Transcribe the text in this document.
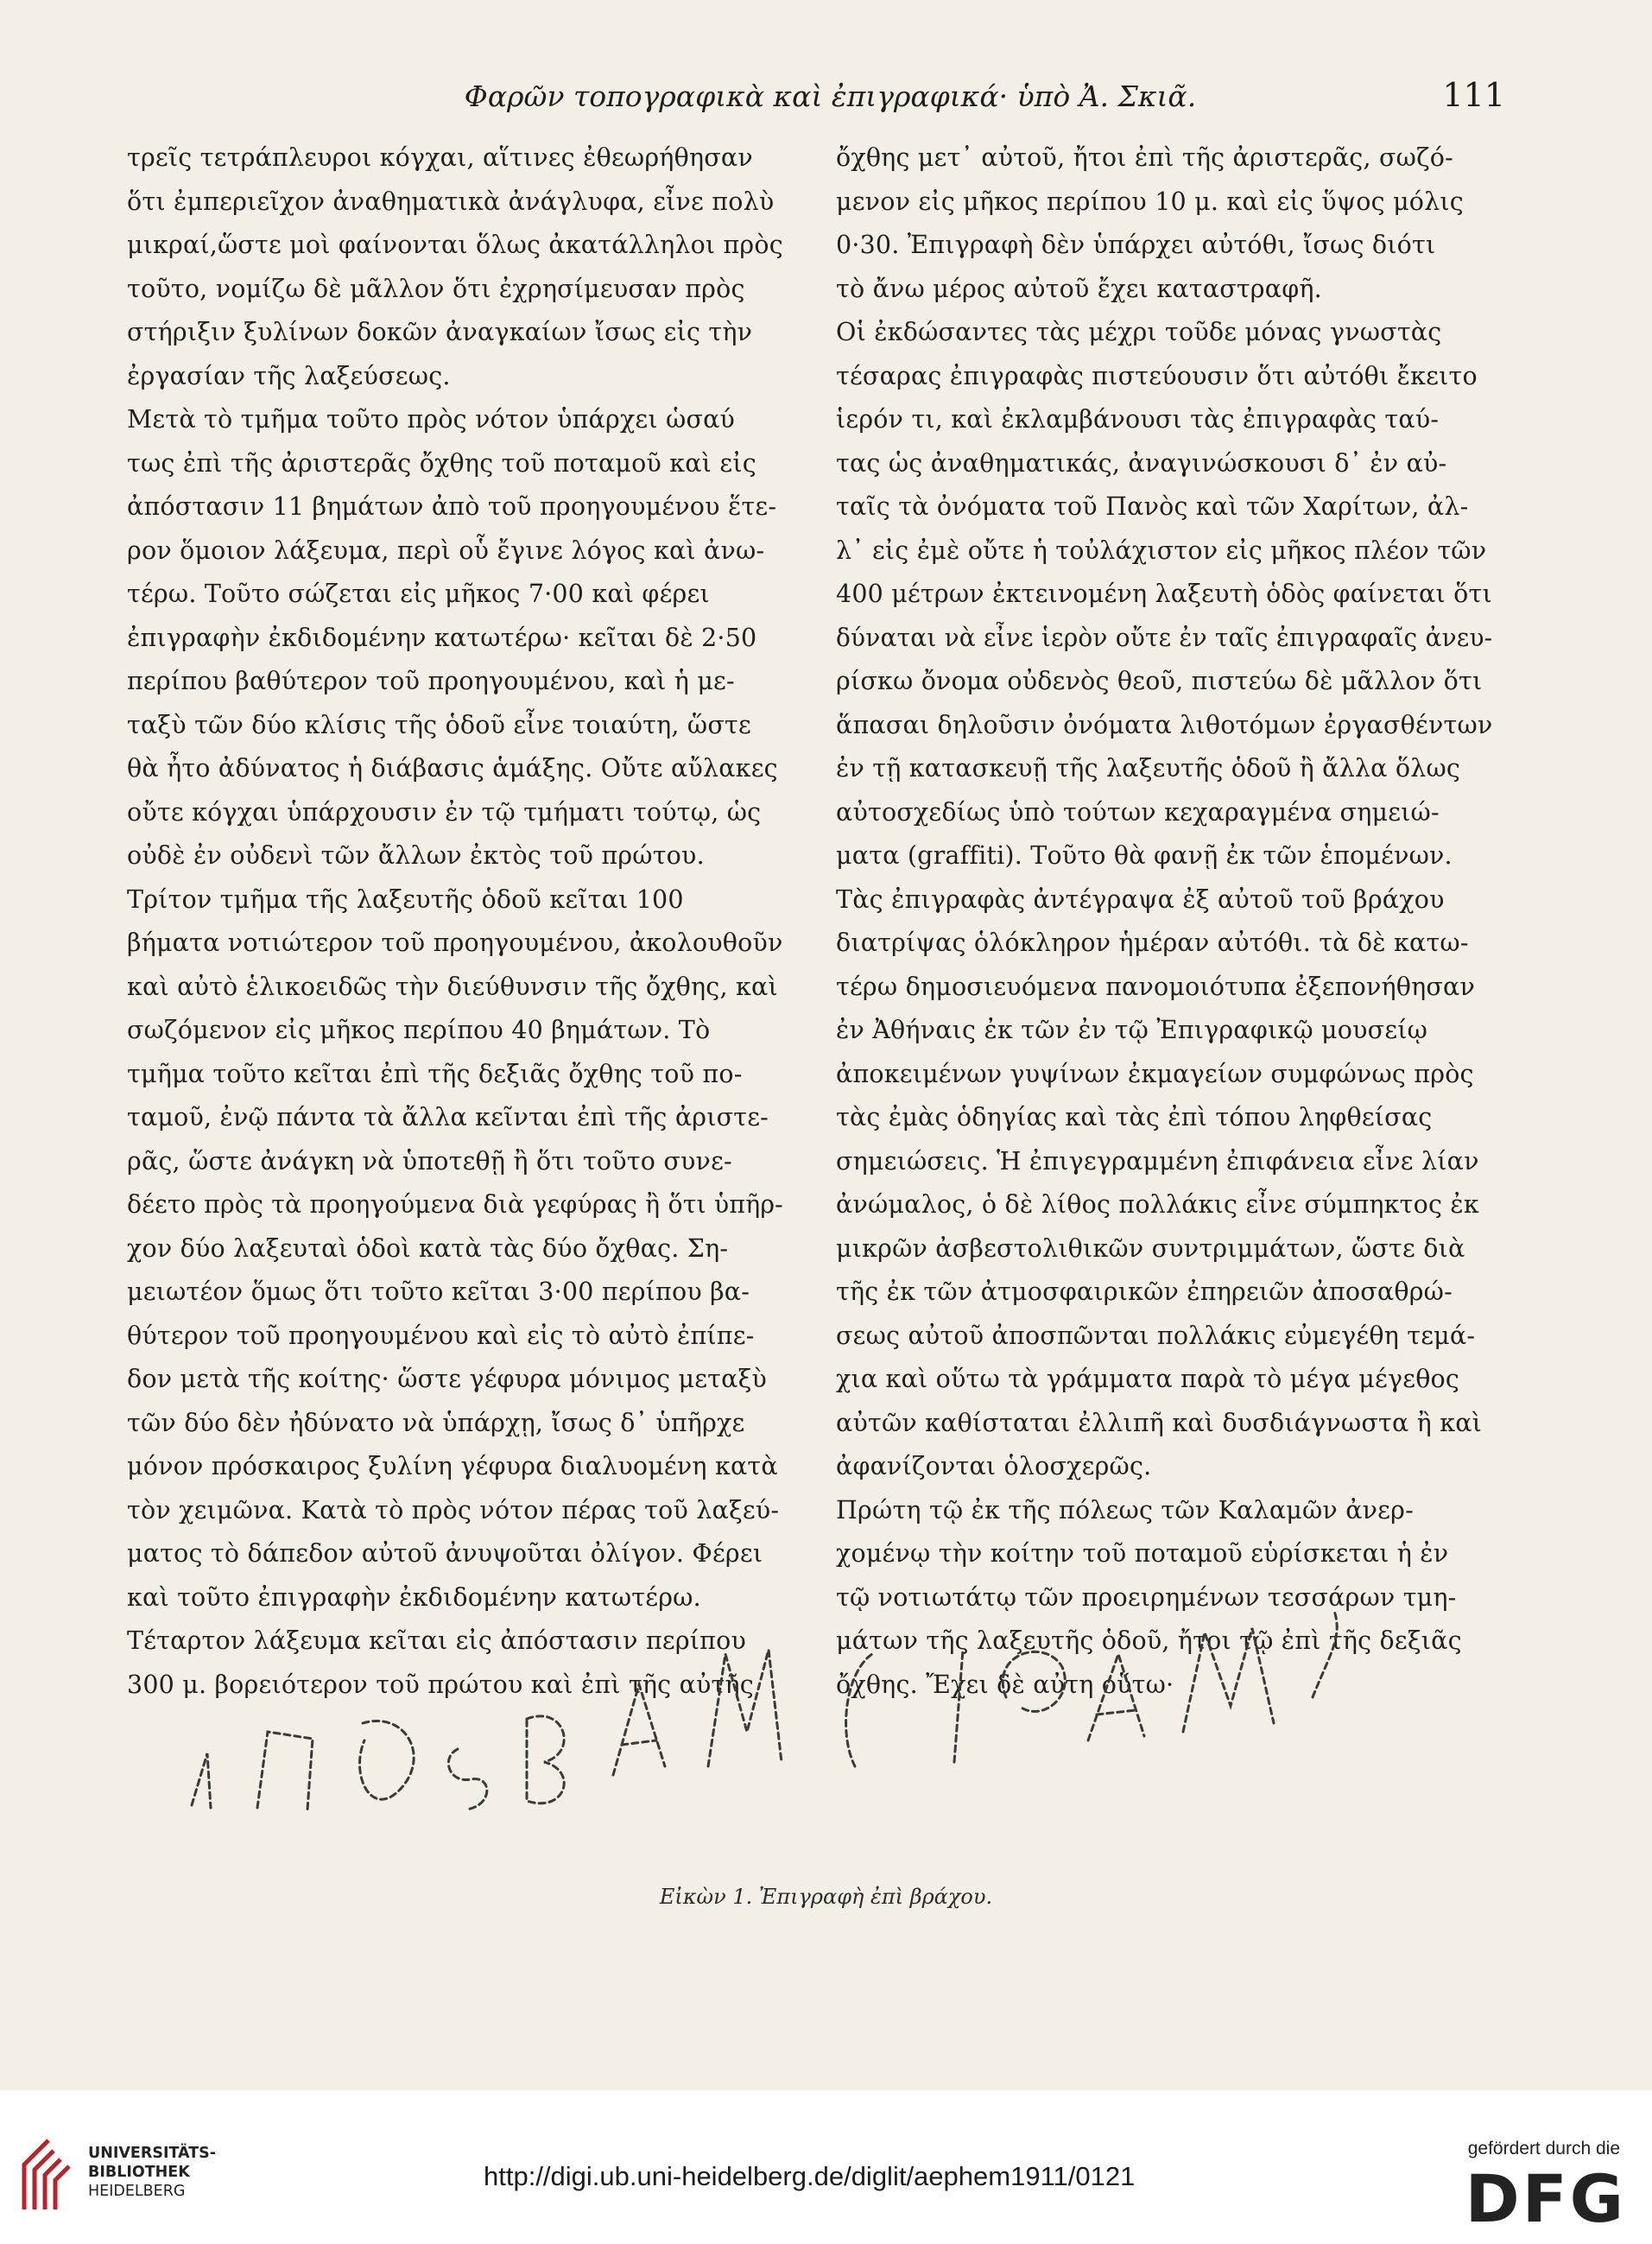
Φαρῶν τοπογραφικὰ καὶ ἐπιγραφικά· ὑπὸ Ἀ. Σκιᾶ.	111
τρεῖς τετράπλευροι κόγχαι, αἵτινες ἐθεωρήθησαν
ὅτι ἐμπεριεῖχον ἀναθηματικὰ ἀνάγλυφα, εἶνε πολὺ
μικραί,ὥστε μοὶ φαίνονται ὅλως ἀκατάλληλοι πρὸς
τοῦτο, νομίζω δὲ μᾶλλον ὅτι ἐχρησίμευσαν πρὸς
στήριξιν ξυλίνων δοκῶν ἀναγκαίων ἴσως εἰς τὴν
ἐργασίαν τῆς λαξεύσεως.
Μετὰ τὸ τμῆμα τοῦτο πρὸς νότον ὑπάρχει ὡσαύ
τως ἐπὶ τῆς ἀριστερᾶς ὄχθης τοῦ ποταμοῦ καὶ εἰς
ἀπόστασιν 11 βημάτων ἀπὸ τοῦ προηγουμένου ἕτε-
ρον ὅμοιον λάξευμα, περὶ οὗ ἔγινε λόγος καὶ ἀνω-
τέρω. Τοῦτο σώζεται εἰς μῆκος 7·00 καὶ φέρει
ἐπιγραφὴν ἐκδιδομένην κατωτέρω· κεῖται δὲ 2·50
περίπου βαθύτερον τοῦ προηγουμένου, καὶ ἡ με-
ταξὺ τῶν δύο κλίσις τῆς ὁδοῦ εἶνε τοιαύτη, ὥστε
θὰ ἦτο ἀδύνατος ἡ διάβασις ἁμάξης. Οὔτε αὔλακες
οὔτε κόγχαι ὑπάρχουσιν ἐν τῷ τμήματι τούτῳ, ὡς
οὐδὲ ἐν οὐδενὶ τῶν ἄλλων ἐκτὸς τοῦ πρώτου.
Τρίτον τμῆμα τῆς λαξευτῆς ὁδοῦ κεῖται 100
βήματα νοτιώτερον τοῦ προηγουμένου, ἀκολουθοῦν
καὶ αὐτὸ ἑλικοειδῶς τὴν διεύθυνσιν τῆς ὄχθης, καὶ
σωζόμενον εἰς μῆκος περίπου 40 βημάτων. Τὸ
τμῆμα τοῦτο κεῖται ἐπὶ τῆς δεξιᾶς ὄχθης τοῦ πο-
ταμοῦ, ἐνῷ πάντα τὰ ἄλλα κεῖνται ἐπὶ τῆς ἀριστε-
ρᾶς, ὥστε ἀνάγκη νὰ ὑποτεθῇ ἢ ὅτι τοῦτο συνε-
δέετο πρὸς τὰ προηγούμενα διὰ γεφύρας ἢ ὅτι ὑπῆρ-
χον δύο λαξευταὶ ὁδοὶ κατὰ τὰς δύο ὄχθας. Ση-
μειωτέον ὅμως ὅτι τοῦτο κεῖται 3·00 περίπου βα-
θύτερον τοῦ προηγουμένου καὶ εἰς τὸ αὐτὸ ἐπίπε-
δον μετὰ τῆς κοίτης· ὥστε γέφυρα μόνιμος μεταξὺ
τῶν δύο δὲν ἠδύνατο νὰ ὑπάρχῃ, ἴσως δ᾽ ὑπῆρχε
μόνον πρόσκαιρος ξυλίνη γέφυρα διαλυομένη κατὰ
τὸν χειμῶνα. Κατὰ τὸ πρὸς νότον πέρας τοῦ λαξεύ-
ματος τὸ δάπεδον αὐτοῦ ἀνυψοῦται ὀλίγον. Φέρει
καὶ τοῦτο ἐπιγραφὴν ἐκδιδομένην κατωτέρω.
Τέταρτον λάξευμα κεῖται εἰς ἀπόστασιν περίπου
300 μ. βορειότερον τοῦ πρώτου καὶ ἐπὶ τῆς αὐτῆς
ὄχθης μετ᾽ αὐτοῦ, ἤτοι ἐπὶ τῆς ἀριστερᾶς, σωζό-
μενον εἰς μῆκος περίπου 10 μ. καὶ εἰς ὕψος μόλις
0·30. Ἐπιγραφὴ δὲν ὑπάρχει αὐτόθι, ἴσως διότι
τὸ ἄνω μέρος αὐτοῦ ἔχει καταστραφῆ.
Οἱ ἐκδώσαντες τὰς μέχρι τοῦδε μόνας γνωστὰς
τέσαρας ἐπιγραφὰς πιστεύουσιν ὅτι αὐτόθι ἔκειτο
ἱερόν τι, καὶ ἐκλαμβάνουσι τὰς ἐπιγραφὰς ταύ-
τας ὡς ἀναθηματικάς, ἀναγινώσκουσι δ᾽ ἐν αὐ-
ταῖς τὰ ὀνόματα τοῦ Πανὸς καὶ τῶν Χαρίτων, ἀλ-
λ᾽ εἰς ἐμὲ οὔτε ἡ τοὐλάχιστον εἰς μῆκος πλέον τῶν
400 μέτρων ἐκτεινομένη λαξευτὴ ὁδὸς φαίνεται ὅτι
δύναται νὰ εἶνε ἱερὸν οὔτε ἐν ταῖς ἐπιγραφαῖς ἀνευ-
ρίσκω ὄνομα οὐδενὸς θεοῦ, πιστεύω δὲ μᾶλλον ὅτι
ἅπασαι δηλοῦσιν ὀνόματα λιθοτόμων ἐργασθέντων
ἐν τῇ κατασκευῇ τῆς λαξευτῆς ὁδοῦ ἢ ἄλλα ὅλως
αὐτοσχεδίως ὑπὸ τούτων κεχαραγμένα σημειώ-
ματα (graffiti). Τοῦτο θὰ φανῇ ἐκ τῶν ἑπομένων.
Τὰς ἐπιγραφὰς ἀντέγραψα ἐξ αὐτοῦ τοῦ βράχου
διατρίψας ὁλόκληρον ἡμέραν αὐτόθι. τὰ δὲ κατω-
τέρω δημοσιευόμενα πανομοιότυπα ἐξεπονήθησαν
ἐν Ἀθήναις ἐκ τῶν ἐν τῷ Ἐπιγραφικῷ μουσείῳ
ἀποκειμένων γυψίνων ἐκμαγείων συμφώνως πρὸς
τὰς ἐμὰς ὁδηγίας καὶ τὰς ἐπὶ τόπου ληφθείσας
σημειώσεις. Ἡ ἐπιγεγραμμένη ἐπιφάνεια εἶνε λίαν
ἀνώμαλος, ὁ δὲ λίθος πολλάκις εἶνε σύμπηκτος ἐκ
μικρῶν ἀσβεστολιθικῶν συντριμμάτων, ὥστε διὰ
τῆς ἐκ τῶν ἀτμοσφαιρικῶν ἐπηρειῶν ἀποσαθρώ-
σεως αὐτοῦ ἀποσπῶνται πολλάκις εὐμεγέθη τεμά-
χια καὶ οὕτω τὰ γράμματα παρὰ τὸ μέγα μέγεθος
αὐτῶν καθίσταται ἐλλιπῆ καὶ δυσδιάγνωστα ἢ καὶ
ἀφανίζονται ὁλοσχερῶς.
Πρώτη τῷ ἐκ τῆς πόλεως τῶν Καλαμῶν ἀνερ-
χομένῳ τὴν κοίτην τοῦ ποταμοῦ εὑρίσκεται ἡ ἐν
τῷ νοτιωτάτῳ τῶν προειρημένων τεσσάρων τμη-
μάτων τῆς λαξευτῆς ὁδοῦ, ἤτοι τῷ ἐπὶ τῆς δεξιᾶς
ὄχθης. Ἔχει δὲ αὐτη οὕτω·
Εἰκὼν 1. Ἐπιγραφὴ ἐπὶ βράχου.
UNIVERSITÄTS-
BIBLIOTHEK
HEIDELBERG	http://digi.ub.uni-heidelberg.de/diglit/aephem1911/0121
gefördert durch die
DFG
